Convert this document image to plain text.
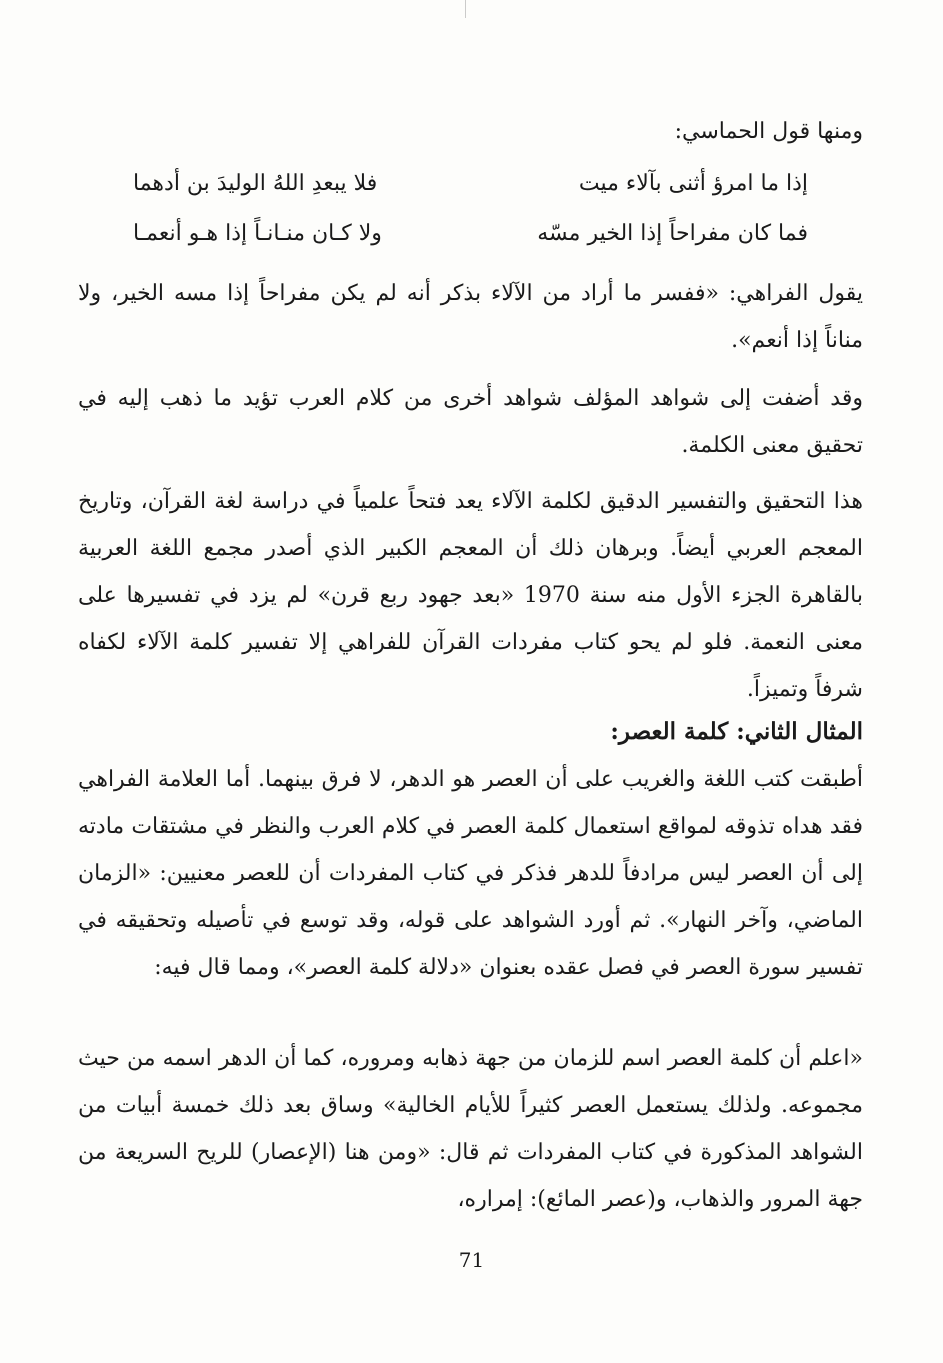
ومنها قول الحماسي:

إذا ما امرؤ أثنى بآلاء ميت
فلا يبعدِ اللهُ الوليدَ بن أدهما
فما كان مفراحاً إذا الخير مسّه
ولا كـان منـانـاً إذا هـو أنعمـا

يقول الفراهي: «ففسر ما أراد من الآلاء بذكر أنه لم يكن مفراحاً إذا مسه الخير، ولا مناناً إذا أنعم».

وقد أضفت إلى شواهد المؤلف شواهد أخرى من كلام العرب تؤيد ما ذهب إليه في تحقيق معنى الكلمة.

هذا التحقيق والتفسير الدقيق لكلمة الآلاء يعد فتحاً علمياً في دراسة لغة القرآن، وتاريخ المعجم العربي أيضاً. وبرهان ذلك أن المعجم الكبير الذي أصدر مجمع اللغة العربية بالقاهرة الجزء الأول منه سنة 1970 «بعد جهود ربع قرن» لم يزد في تفسيرها على معنى النعمة. فلو لم يحو كتاب مفردات القرآن للفراهي إلا تفسير كلمة الآلاء لكفاه شرفاً وتميزاً.

المثال الثاني: كلمة العصر:

أطبقت كتب اللغة والغريب على أن العصر هو الدهر، لا فرق بينهما. أما العلامة الفراهي فقد هداه تذوقه لمواقع استعمال كلمة العصر في كلام العرب والنظر في مشتقات مادته إلى أن العصر ليس مرادفاً للدهر فذكر في كتاب المفردات أن للعصر معنيين: «الزمان الماضي، وآخر النهار». ثم أورد الشواهد على قوله، وقد توسع في تأصيله وتحقيقه في تفسير سورة العصر في فصل عقده بعنوان «دلالة كلمة العصر»، ومما قال فيه:

«اعلم أن كلمة العصر اسم للزمان من جهة ذهابه ومروره، كما أن الدهر اسمه من حيث مجموعه. ولذلك يستعمل العصر كثيراً للأيام الخالية» وساق بعد ذلك خمسة أبيات من الشواهد المذكورة في كتاب المفردات ثم قال: «ومن هنا (الإعصار) للريح السريعة من جهة المرور والذهاب، و(عصر المائع): إمراره،

71
